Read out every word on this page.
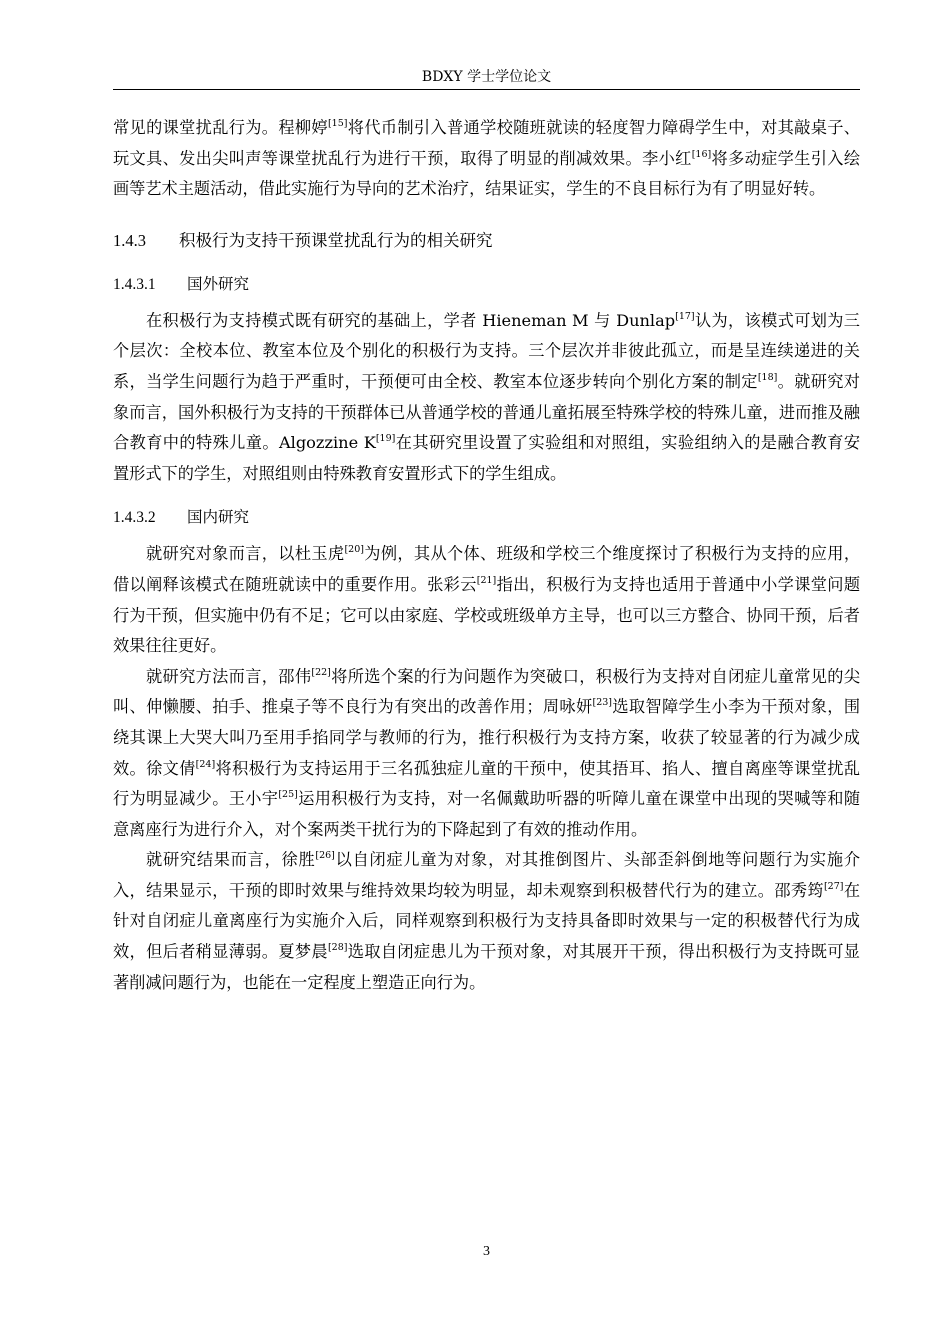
BDXY 学士学位论文

常见的课堂扰乱行为。程柳婷[15]将代币制引入普通学校随班就读的轻度智力障碍学生中，对其敲桌子、玩文具、发出尖叫声等课堂扰乱行为进行干预，取得了明显的削减效果。李小红[16]将多动症学生引入绘画等艺术主题活动，借此实施行为导向的艺术治疗，结果证实，学生的不良目标行为有了明显好转。

1.4.3 积极行为支持干预课堂扰乱行为的相关研究
1.4.3.1 国外研究

在积极行为支持模式既有研究的基础上，学者 Hieneman M 与 Dunlap[17]认为，该模式可划为三个层次：全校本位、教室本位及个别化的积极行为支持。三个层次并非彼此孤立，而是呈连续递进的关系，当学生问题行为趋于严重时，干预便可由全校、教室本位逐步转向个别化方案的制定[18]。就研究对象而言，国外积极行为支持的干预群体已从普通学校的普通儿童拓展至特殊学校的特殊儿童，进而推及融合教育中的特殊儿童。Algozzine K[19]在其研究里设置了实验组和对照组，实验组纳入的是融合教育安置形式下的学生，对照组则由特殊教育安置形式下的学生组成。

1.4.3.2 国内研究

就研究对象而言，以杜玉虎[20]为例，其从个体、班级和学校三个维度探讨了积极行为支持的应用，借以阐释该模式在随班就读中的重要作用。张彩云[21]指出，积极行为支持也适用于普通中小学课堂问题行为干预，但实施中仍有不足；它可以由家庭、学校或班级单方主导，也可以三方整合、协同干预，后者效果往往更好。

就研究方法而言，邵伟[22]将所选个案的行为问题作为突破口，积极行为支持对自闭症儿童常见的尖叫、伸懒腰、拍手、推桌子等不良行为有突出的改善作用；周咏妍[23]选取智障学生小李为干预对象，围绕其课上大哭大叫乃至用手掐同学与教师的行为，推行积极行为支持方案，收获了较显著的行为减少成效。徐文倩[24]将积极行为支持运用于三名孤独症儿童的干预中，使其捂耳、掐人、擅自离座等课堂扰乱行为明显减少。王小宇[25]运用积极行为支持，对一名佩戴助听器的听障儿童在课堂中出现的哭喊等和随意离座行为进行介入，对个案两类干扰行为的下降起到了有效的推动作用。

就研究结果而言，徐胜[26]以自闭症儿童为对象，对其推倒图片、头部歪斜倒地等问题行为实施介入，结果显示，干预的即时效果与维持效果均较为明显，却未观察到积极替代行为的建立。邵秀筠[27]在针对自闭症儿童离座行为实施介入后，同样观察到积极行为支持具备即时效果与一定的积极替代行为成效，但后者稍显薄弱。夏梦晨[28]选取自闭症患儿为干预对象，对其展开干预，得出积极行为支持既可显著削减问题行为，也能在一定程度上塑造正向行为。

3
